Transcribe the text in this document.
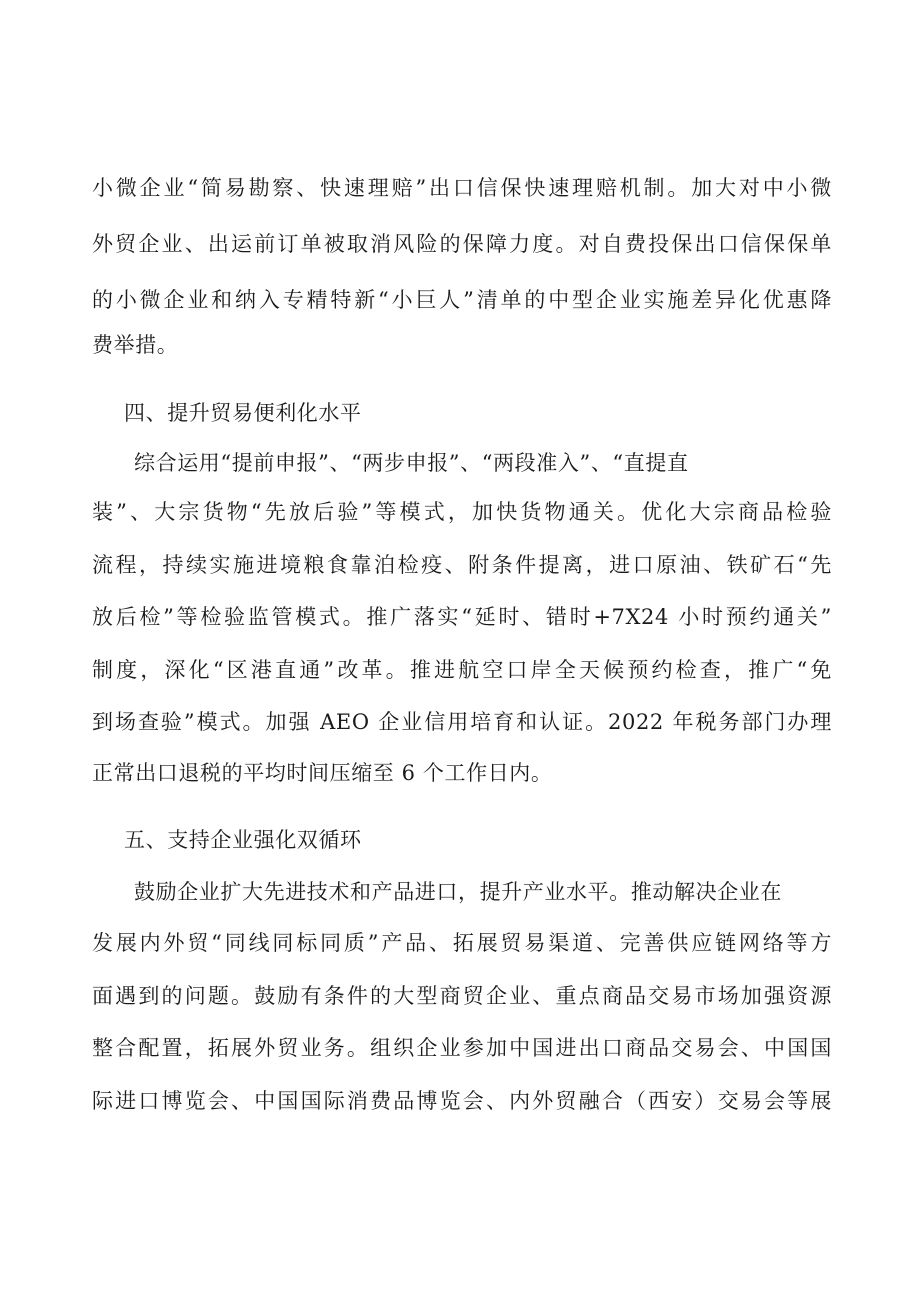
小微企业“简易勘察、快速理赔”出口信保快速理赔机制。加大对中小微
外贸企业、出运前订单被取消风险的保障力度。对自费投保出口信保保单
的小微企业和纳入专精特新“小巨人”清单的中型企业实施差异化优惠降
费举措。
四、提升贸易便利化水平
综合运用“提前申报”、“两步申报”、“两段准入”、“直提直
装”、大宗货物“先放后验”等模式，加快货物通关。优化大宗商品检验
流程，持续实施进境粮食靠泊检疫、附条件提离，进口原油、铁矿石“先
放后检”等检验监管模式。推广落实“延时、错时+7X24 小时预约通关”
制度，深化“区港直通”改革。推进航空口岸全天候预约检查，推广“免
到场查验”模式。加强 AEO 企业信用培育和认证。2022 年税务部门办理
正常出口退税的平均时间压缩至 6 个工作日内。
五、支持企业强化双循环
鼓励企业扩大先进技术和产品进口，提升产业水平。推动解决企业在
发展内外贸“同线同标同质”产品、拓展贸易渠道、完善供应链网络等方
面遇到的问题。鼓励有条件的大型商贸企业、重点商品交易市场加强资源
整合配置，拓展外贸业务。组织企业参加中国进出口商品交易会、中国国
际进口博览会、中国国际消费品博览会、内外贸融合（西安）交易会等展
